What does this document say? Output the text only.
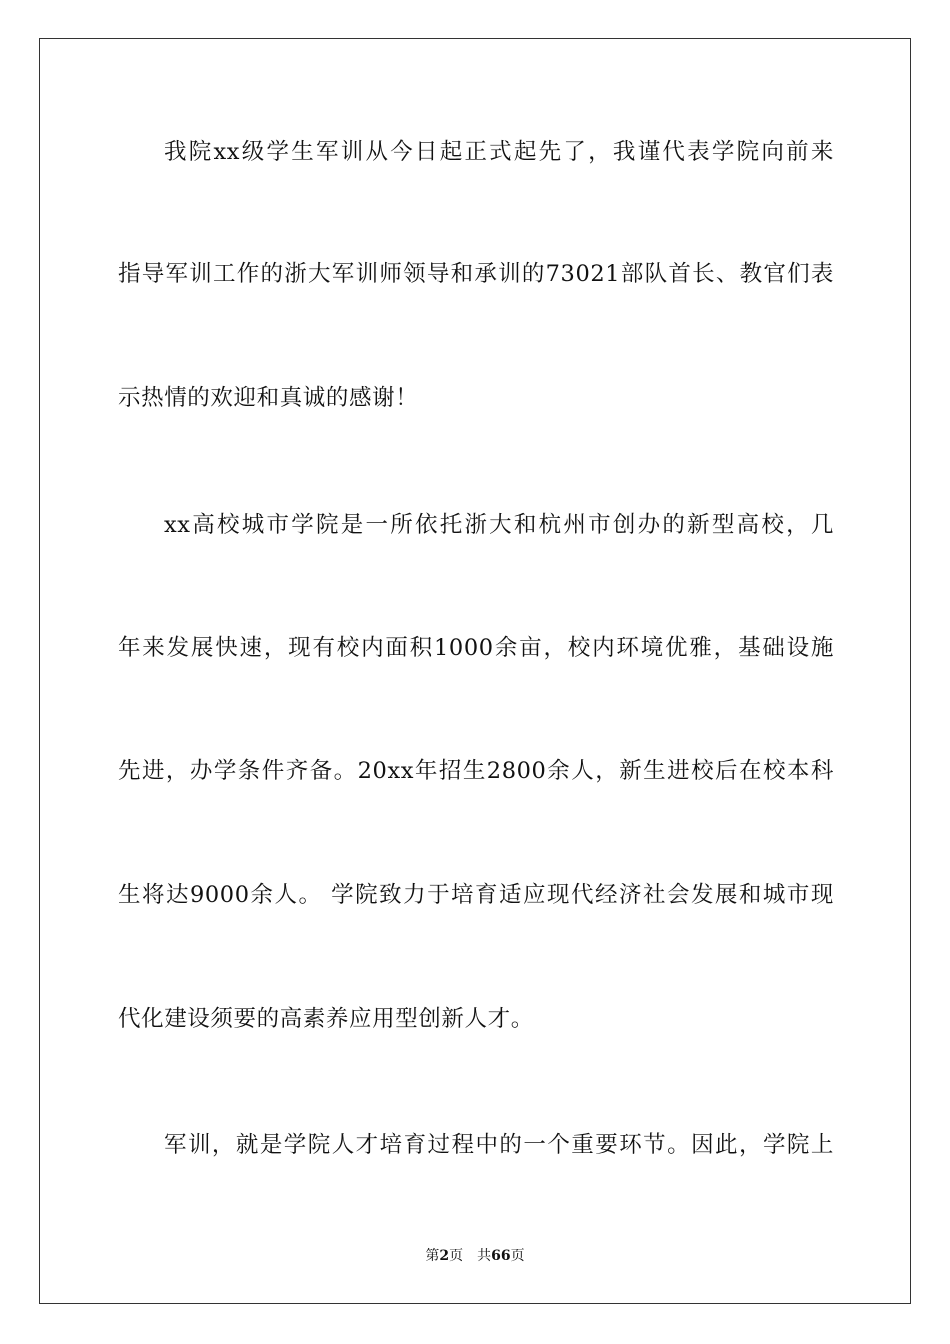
我院xx级学生军训从今日起正式起先了，我谨代表学院向前来
指导军训工作的浙大军训师领导和承训的73021部队首长、教官们表
示热情的欢迎和真诚的感谢！
xx高校城市学院是一所依托浙大和杭州市创办的新型高校，几
年来发展快速，现有校内面积1000余亩，校内环境优雅，基础设施
先进，办学条件齐备。20xx年招生2800余人，新生进校后在校本科
生将达9000余人。 学院致力于培育适应现代经济社会发展和城市现
代化建设须要的高素养应用型创新人才。
军训，就是学院人才培育过程中的一个重要环节。因此，学院上
第2页 共66页
